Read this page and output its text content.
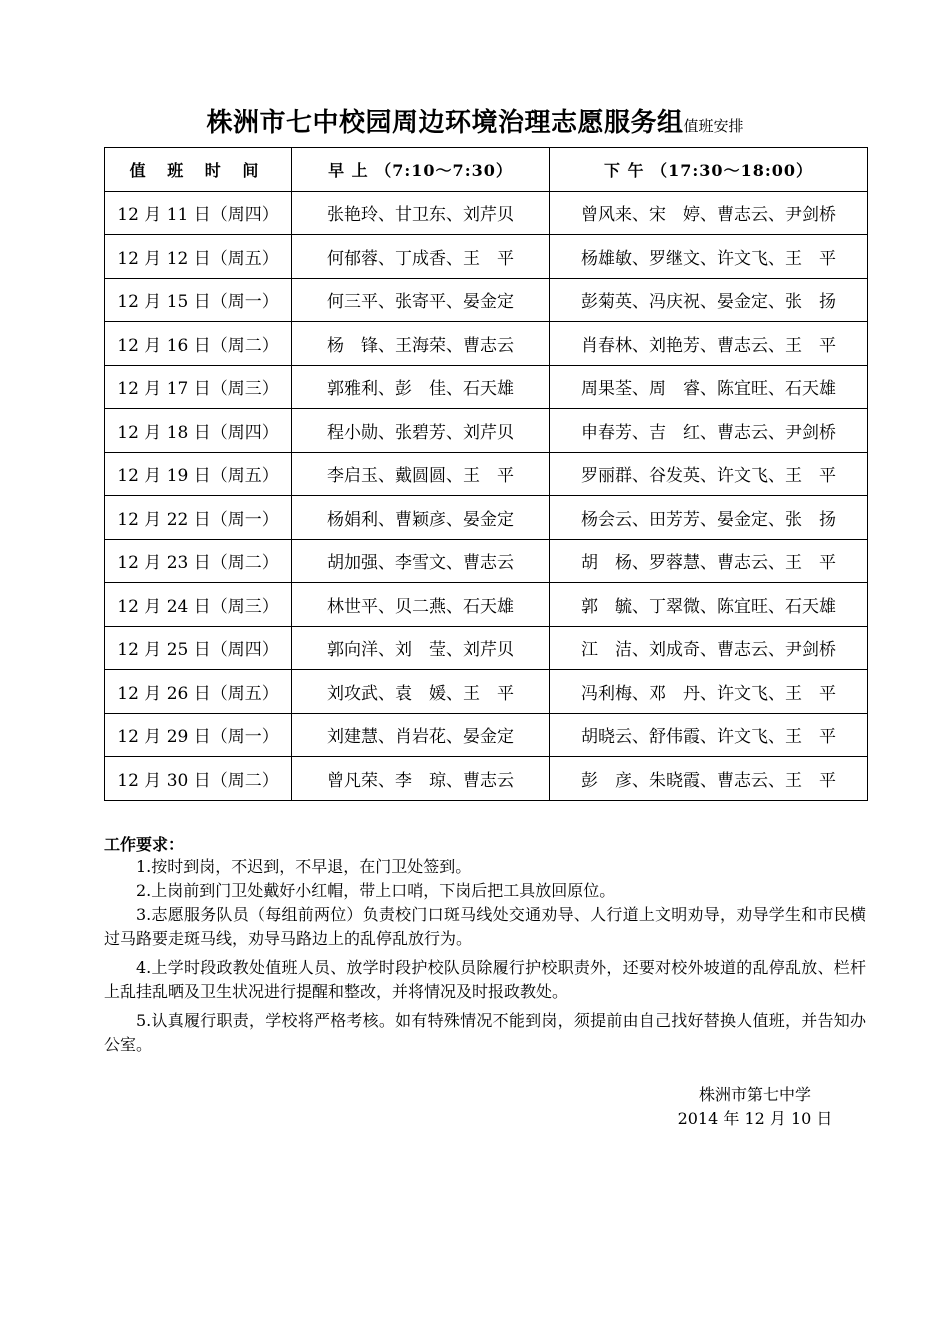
株洲市七中校园周边环境治理志愿服务组值班安排
值 班 时 间	早 上 （7:10～7:30）	下 午 （17:30～18:00）
12 月 11 日（周四）	张艳玲、甘卫东、刘芹贝	曾风来、宋　婷、曹志云、尹剑桥
12 月 12 日（周五）	何郁蓉、丁成香、王　平	杨雄敏、罗继文、许文飞、王　平
12 月 15 日（周一）	何三平、张寄平、晏金定	彭菊英、冯庆祝、晏金定、张　扬
12 月 16 日（周二）	杨　锋、王海荣、曹志云	肖春林、刘艳芳、曹志云、王　平
12 月 17 日（周三）	郭雅利、彭　佳、石天雄	周果荃、周　睿、陈宜旺、石天雄
12 月 18 日（周四）	程小勋、张碧芳、刘芹贝	申春芳、吉　红、曹志云、尹剑桥
12 月 19 日（周五）	李启玉、戴圆圆、王　平	罗丽群、谷发英、许文飞、王　平
12 月 22 日（周一）	杨娟利、曹颖彦、晏金定	杨会云、田芳芳、晏金定、张　扬
12 月 23 日（周二）	胡加强、李雪文、曹志云	胡　杨、罗蓉慧、曹志云、王　平
12 月 24 日（周三）	林世平、贝二燕、石天雄	郭　毓、丁翠微、陈宜旺、石天雄
12 月 25 日（周四）	郭向洋、刘　莹、刘芹贝	江　洁、刘成奇、曹志云、尹剑桥
12 月 26 日（周五）	刘攻武、袁　媛、王　平	冯利梅、邓　丹、许文飞、王　平
12 月 29 日（周一）	刘建慧、肖岩花、晏金定	胡晓云、舒伟霞、许文飞、王　平
12 月 30 日（周二）	曾凡荣、李　琼、曹志云	彭　彦、朱晓霞、曹志云、王　平
工作要求：
1.按时到岗，不迟到，不早退，在门卫处签到。
2.上岗前到门卫处戴好小红帽，带上口哨，下岗后把工具放回原位。
3.志愿服务队员（每组前两位）负责校门口斑马线处交通劝导、人行道上文明劝导，劝导学生和市民横过马路要走斑马线，劝导马路边上的乱停乱放行为。
4.上学时段政教处值班人员、放学时段护校队员除履行护校职责外，还要对校外坡道的乱停乱放、栏杆上乱挂乱晒及卫生状况进行提醒和整改，并将情况及时报政教处。
5.认真履行职责，学校将严格考核。如有特殊情况不能到岗，须提前由自己找好替换人值班，并告知办公室。
株洲市第七中学
2014 年 12 月 10 日
